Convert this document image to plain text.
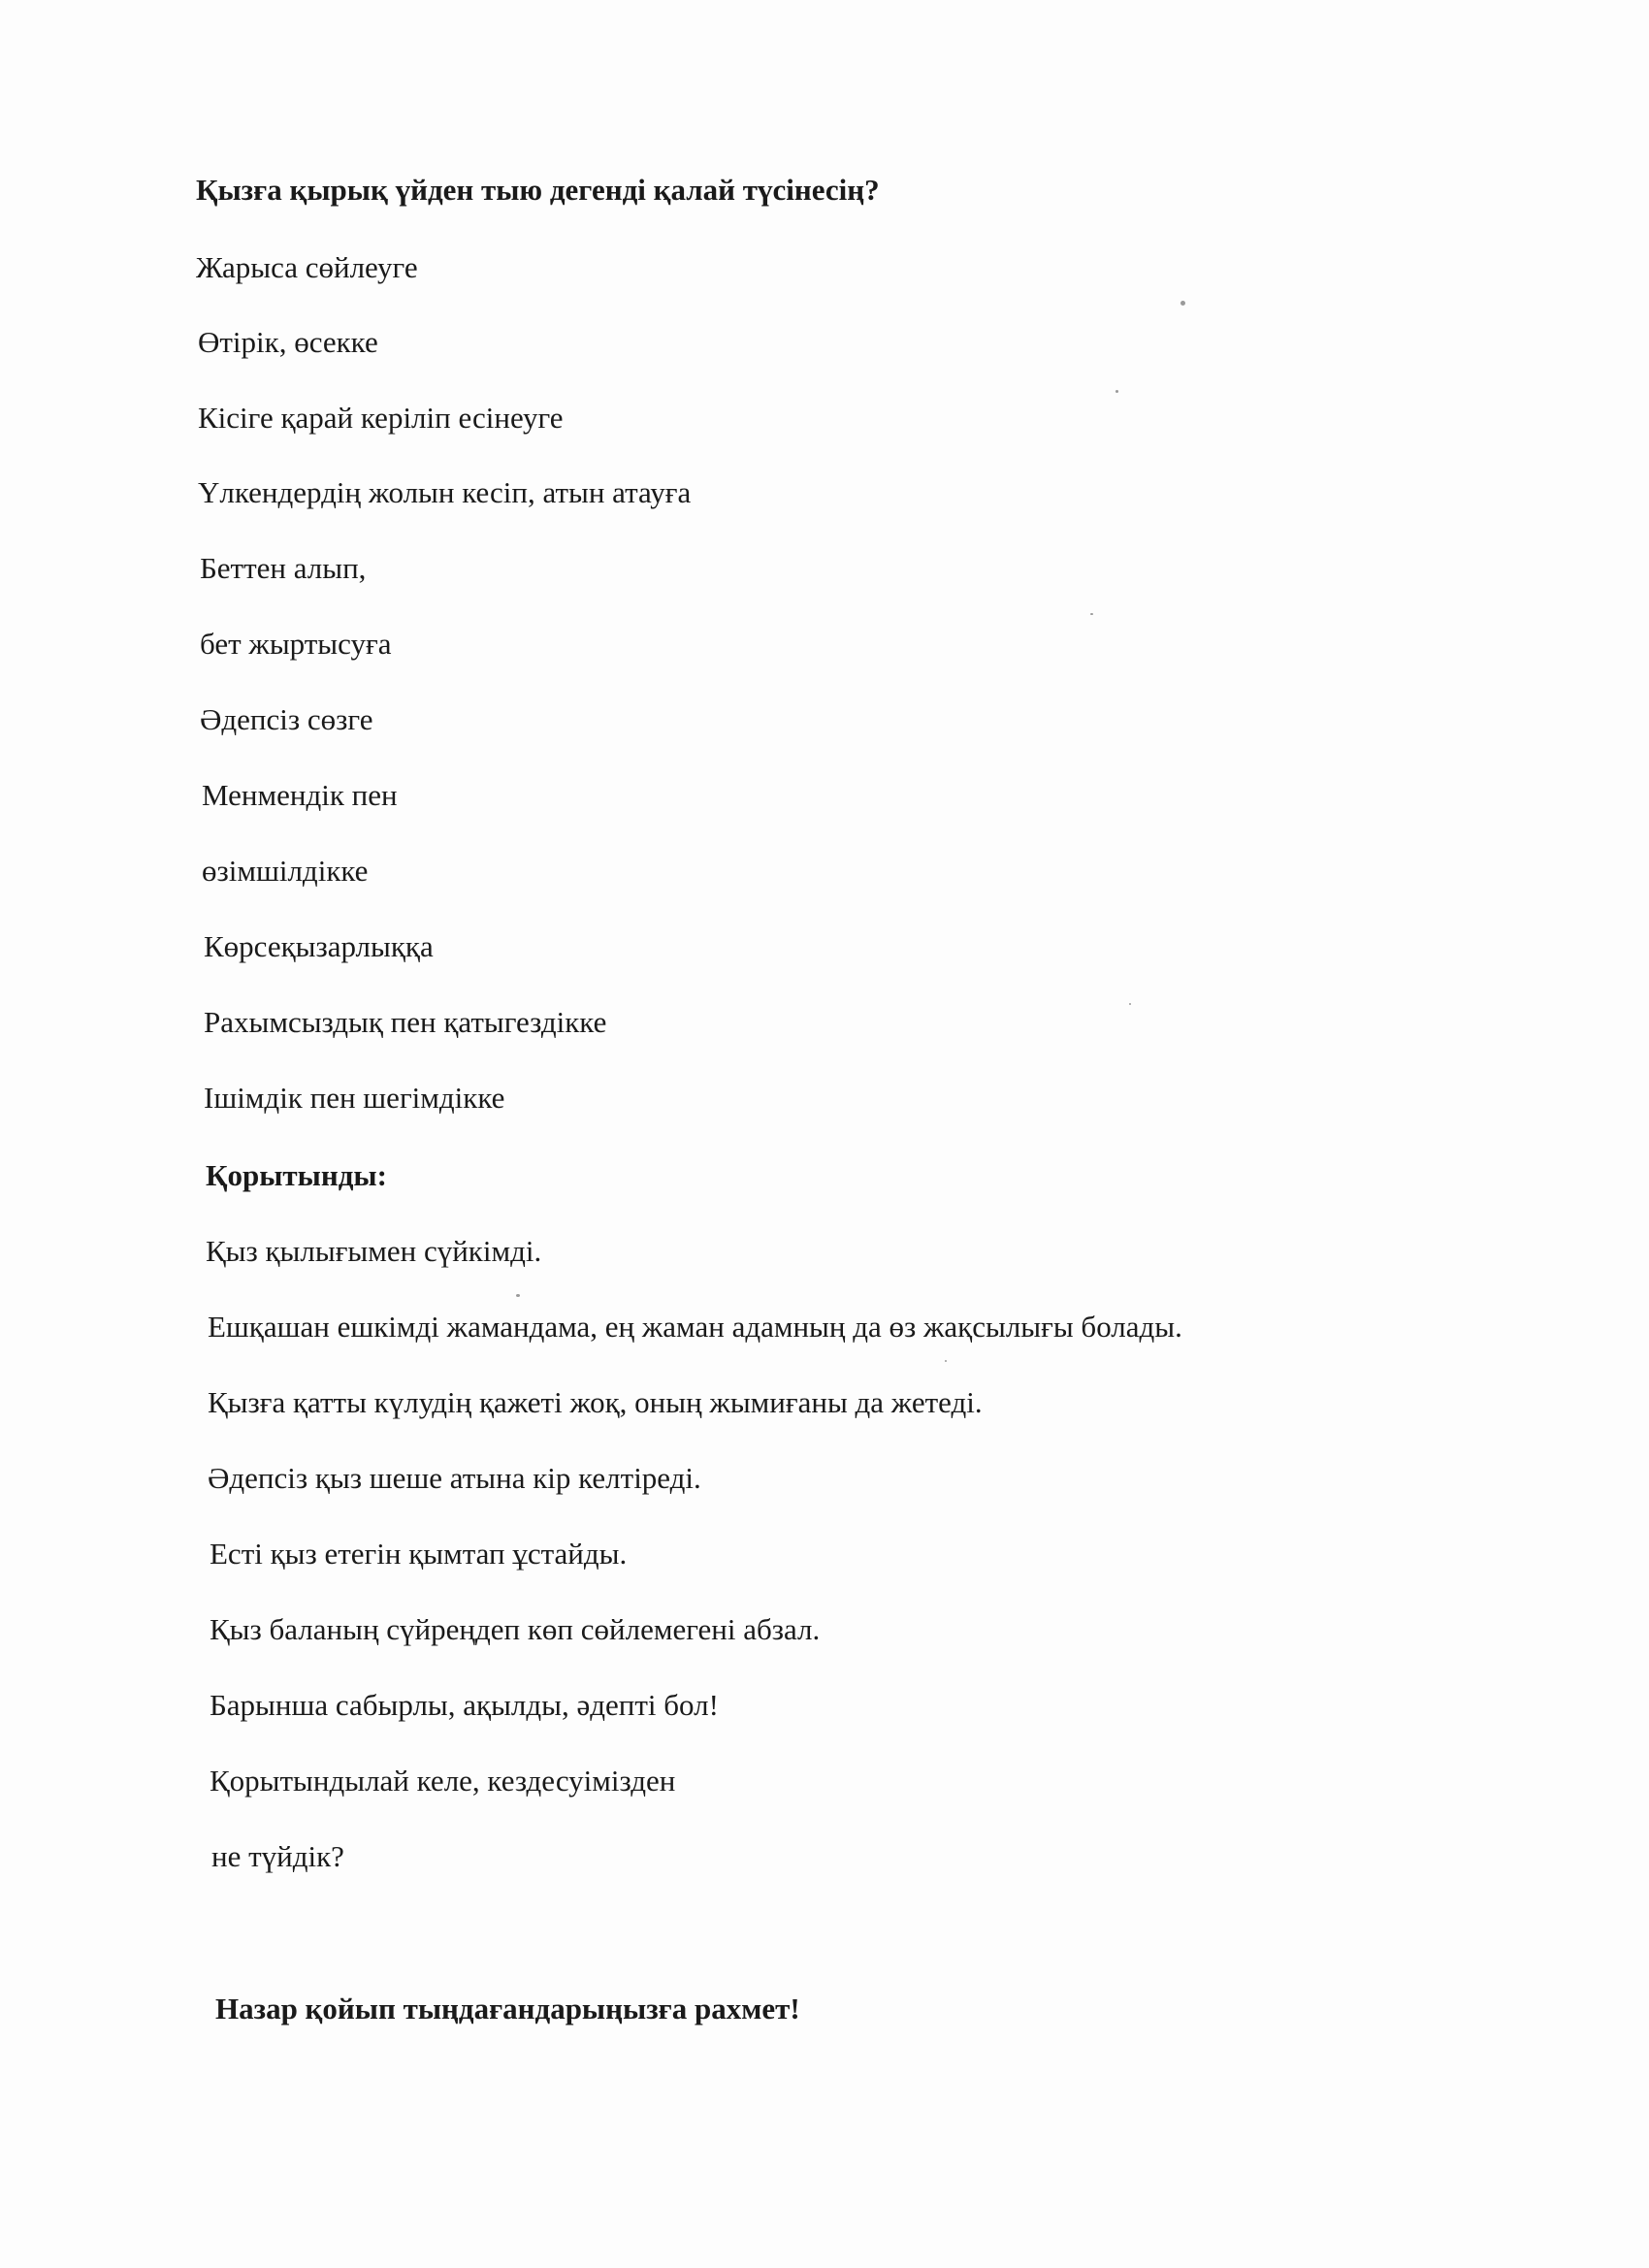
Қызға қырық үйден тыю дегенді қалай түсінесің?

Жарыса сөйлеуге

Өтірік, өсекке

Кісіге қарай керіліп есінеуге

Үлкендердің жолын кесіп, атын атауға

Беттен алып,

бет жыртысуға

Әдепсіз сөзге

Менмендік пен

өзімшілдікке

Көрсеқызарлыққа

Рахымсыздық пен қатыгездікке

Ішімдік пен шегімдікке

Қорытынды:

Қыз қылығымен сүйкімді.

Ешқашан ешкімді жамандама, ең жаман адамның да өз жақсылығы болады.

Қызға қатты күлудің қажеті жоқ, оның жымиғаны да жетеді.

Әдепсіз қыз шеше атына кір келтіреді.

Есті қыз етегін қымтап ұстайды.

Қыз баланың сүйреңдеп көп сөйлемегені абзал.

Барынша сабырлы, ақылды, әдепті бол!

Қорытындылай келе, кездесуімізден

не түйдік?

Назар қойып тыңдағандарыңызға рахмет!
